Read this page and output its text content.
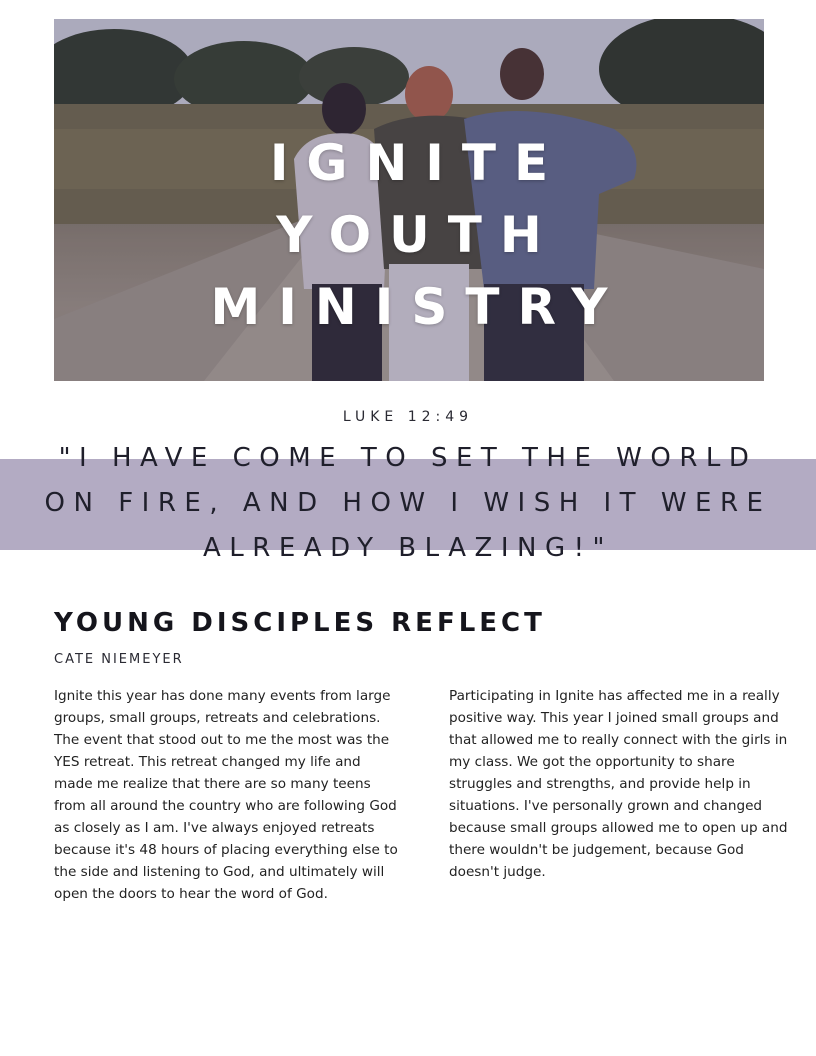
IGNITE
YOUTH
MINISTRY
LUKE 12:49
"I HAVE COME TO SET THE WORLD
ON FIRE, AND HOW I WISH IT WERE
ALREADY BLAZING!"
YOUNG DISCIPLES REFLECT
CATE NIEMEYER
Ignite this year has done many events from large groups, small groups, retreats and celebrations. The event that stood out to me the most was the YES retreat. This retreat changed my life and made me realize that there are so many teens from all around the country who are following God as closely as I am. I've always enjoyed retreats because it's 48 hours of placing everything else to the side and listening to God, and ultimately will open the doors to hear the word of God.
Participating in Ignite has affected me in a really positive way. This year I joined small groups and that allowed me to really connect with the girls in my class. We got the opportunity to share struggles and strengths, and provide help in situations. I've personally grown and changed because small groups allowed me to open up and there wouldn't be judgement, because God doesn't judge.
